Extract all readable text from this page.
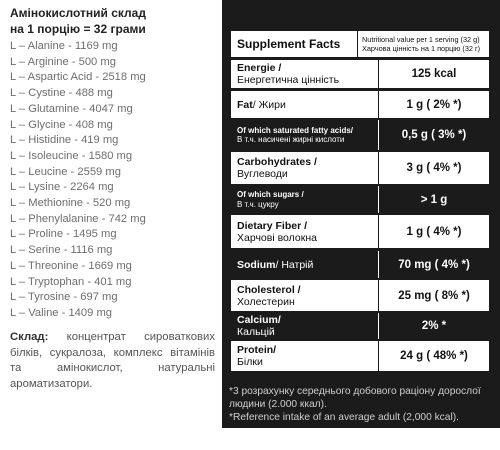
Амінокислотний склад
на 1 порцію = 32 грами
L – Alanine - 1169 mg
L – Arginine - 500 mg
L – Aspartic Acid - 2518 mg
L – Cystine - 488 mg
L – Glutamine - 4047 mg
L – Glycine - 408 mg
L – Histidine - 419 mg
L – Isoleucine - 1580 mg
L – Leucine - 2559 mg
L – Lysine - 2264 mg
L – Methionine - 520 mg
L – Phenylalanine - 742 mg
L – Proline - 1495 mg
L – Serine - 1116 mg
L – Threonine - 1669 mg
L – Tryptophan - 401 mg
L – Tyrosine - 697 mg
L – Valine - 1409 mg
Склад: концентрат сироваткових білків, сукралоза, комплекс вітамінів та амінокислот, натуральні ароматизатори.
Supplement Facts	Nutritional value per 1 serving (32 g)
Харчова цінність на 1 порцію (32 г)
Energie /
Енергетична цінність	125 kcal
Fat / Жири	1 g ( 2% *)
Of which saturated fatty acids/
В т.ч. насичені жирні кислоти	0,5 g ( 3% *)
Carbohydrates /
Вуглеводи	3 g ( 4% *)
Of which sugars /
В т.ч. цукру	> 1 g
Dietary Fiber /
Харчові волокна	1 g ( 4% *)
Sodium / Натрій	70 mg ( 4% *)
Cholesterol /
Холестерин	25 mg ( 8% *)
Calcium/
Кальцій	2% *
Protein/
Білки	24 g ( 48% *)
*3 розрахунку середнього добового раціону дорослої людини (2.000 ккал).
*Reference intake of an average adult (2,000 kcal).
